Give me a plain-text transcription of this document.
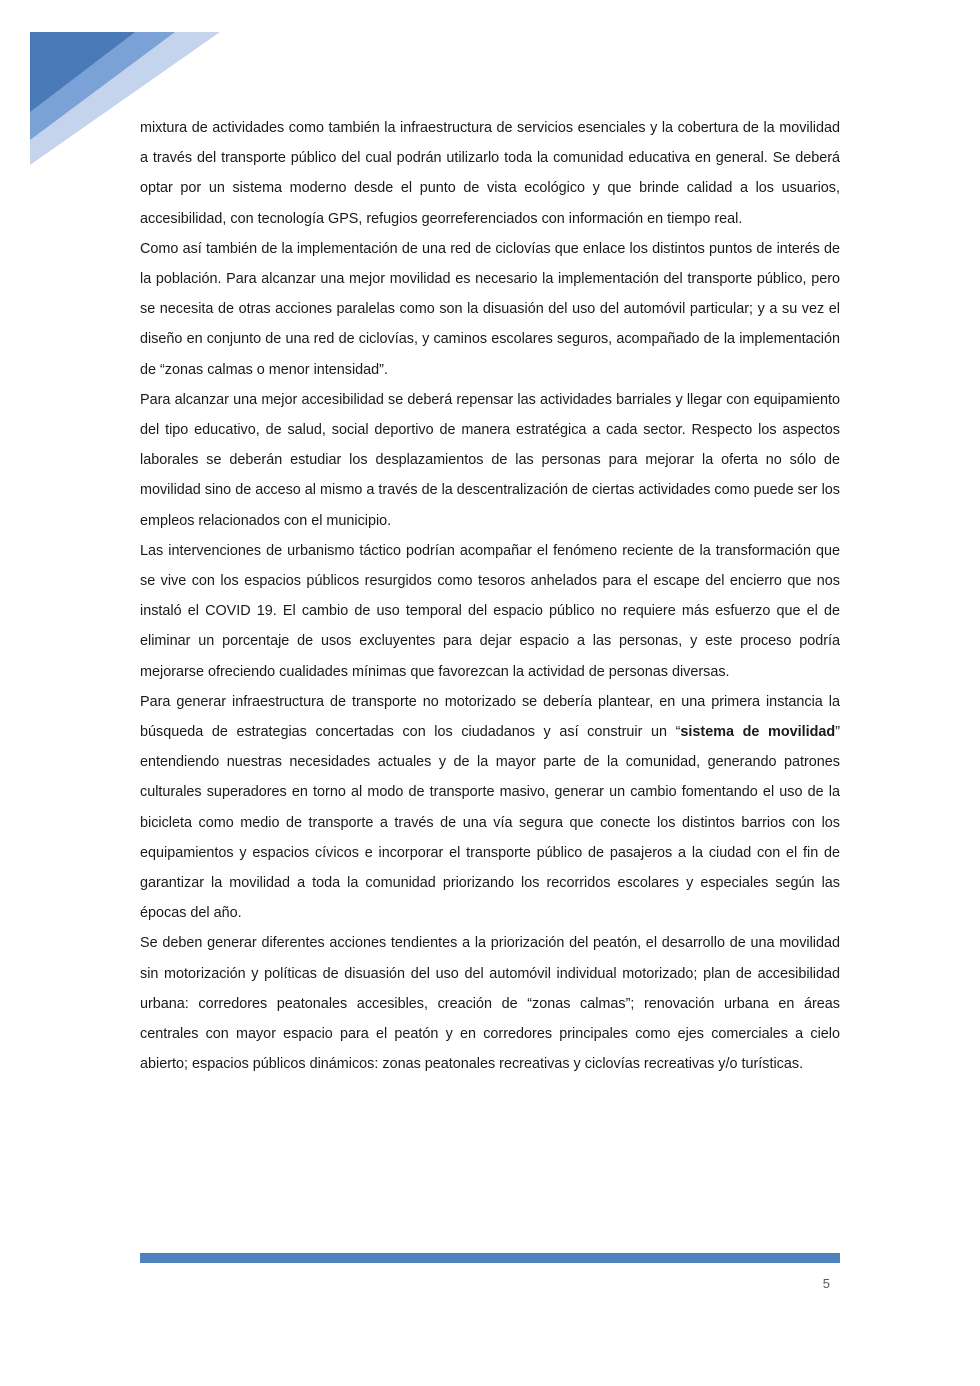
mixtura de actividades como también la infraestructura de servicios esenciales y la cobertura de la movilidad a través del transporte público del cual podrán utilizarlo toda la comunidad educativa en general. Se deberá optar por un sistema moderno desde el punto de vista ecológico y que brinde calidad a los usuarios, accesibilidad, con tecnología GPS, refugios georreferenciados con información en tiempo real.

Como así también de la implementación de una red de ciclovías que enlace los distintos puntos de interés de la población. Para alcanzar una mejor movilidad es necesario la implementación del transporte público, pero se necesita de otras acciones paralelas como son la disuasión del uso del automóvil particular; y a su vez el diseño en conjunto de una red de ciclovías, y caminos escolares seguros, acompañado de la implementación de “zonas calmas o menor intensidad”.

Para alcanzar una mejor accesibilidad se deberá repensar las actividades barriales y llegar con equipamiento del tipo educativo, de salud, social deportivo de manera estratégica a cada sector. Respecto los aspectos laborales se deberán estudiar los desplazamientos de las personas para mejorar la oferta no sólo de movilidad sino de acceso al mismo a través de la descentralización de ciertas actividades como puede ser los empleos relacionados con el municipio.

Las intervenciones de urbanismo táctico podrían acompañar el fenómeno reciente de la transformación que se vive con los espacios públicos resurgidos como tesoros anhelados para el escape del encierro que nos instaló el COVID 19. El cambio de uso temporal del espacio público no requiere más esfuerzo que el de eliminar un porcentaje de usos excluyentes para dejar espacio a las personas, y este proceso podría mejorarse ofreciendo cualidades mínimas que favorezcan la actividad de personas diversas.

Para generar infraestructura de transporte no motorizado se debería plantear, en una primera instancia la búsqueda de estrategias concertadas con los ciudadanos y así construir un “sistema de movilidad” entendiendo nuestras necesidades actuales y de la mayor parte de la comunidad, generando patrones culturales superadores en torno al modo de transporte masivo, generar un cambio fomentando el uso de la bicicleta como medio de transporte a través de una vía segura que conecte los distintos barrios con los equipamientos y espacios cívicos e incorporar el transporte público de pasajeros a la ciudad con el fin de garantizar la movilidad a toda la comunidad priorizando los recorridos escolares y especiales según las épocas del año.

Se deben generar diferentes acciones tendientes a la priorización del peatón, el desarrollo de una movilidad sin motorización y políticas de disuasión del uso del automóvil individual motorizado; plan de accesibilidad urbana: corredores peatonales accesibles, creación de “zonas calmas”; renovación urbana en áreas centrales con mayor espacio para el peatón y en corredores principales como ejes comerciales a cielo abierto; espacios públicos dinámicos: zonas peatonales recreativas y ciclovías recreativas y/o turísticas.

5
